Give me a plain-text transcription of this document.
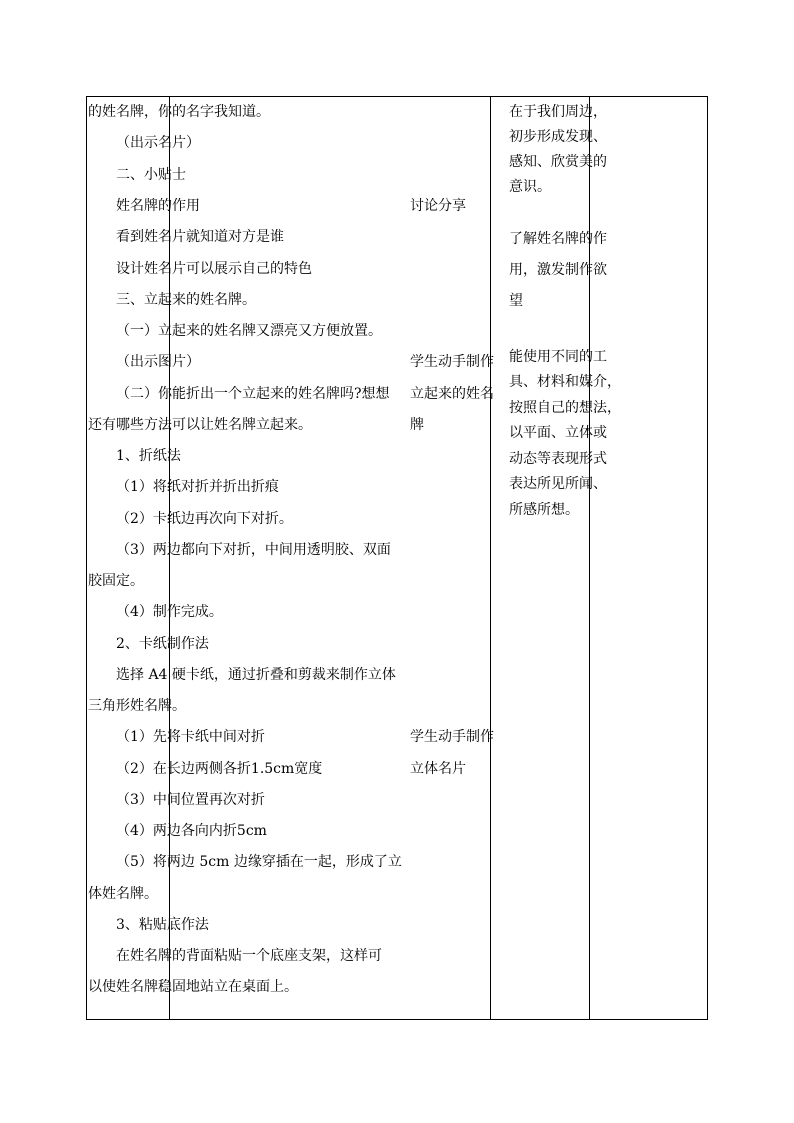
的姓名牌，你的名字我知道。
（出示名片）
二、小贴士
姓名牌的作用
看到姓名片就知道对方是谁
设计姓名片可以展示自己的特色
三、立起来的姓名牌。
（一）立起来的姓名牌又漂亮又方便放置。
（出示图片）
（二）你能折出一个立起来的姓名牌吗?想想
还有哪些方法可以让姓名牌立起来。
1、折纸法
（1）将纸对折并折出折痕
（2）卡纸边再次向下对折。
（3）两边都向下对折，中间用透明胶、双面
胶固定。
（4）制作完成。
2、卡纸制作法
选择 A4 硬卡纸，通过折叠和剪裁来制作立体
三角形姓名牌。
（1）先将卡纸中间对折
（2）在长边两侧各折1.5cm宽度
（3）中间位置再次对折
（4）两边各向内折5cm
（5）将两边 5cm 边缘穿插在一起，形成了立
体姓名牌。
3、粘贴底作法
在姓名牌的背面粘贴一个底座支架，这样可
以使姓名牌稳固地站立在桌面上。
讨论分享
学生动手制作
立起来的姓名
牌
学生动手制作
立体名片
在于我们周边，
初步形成发现、
感知、欣赏美的
意识。
了解姓名牌的作
用，激发制作欲
望
能使用不同的工
具、材料和媒介，
按照自己的想法，
以平面、立体或
动态等表现形式
表达所见所闻、
所感所想。
